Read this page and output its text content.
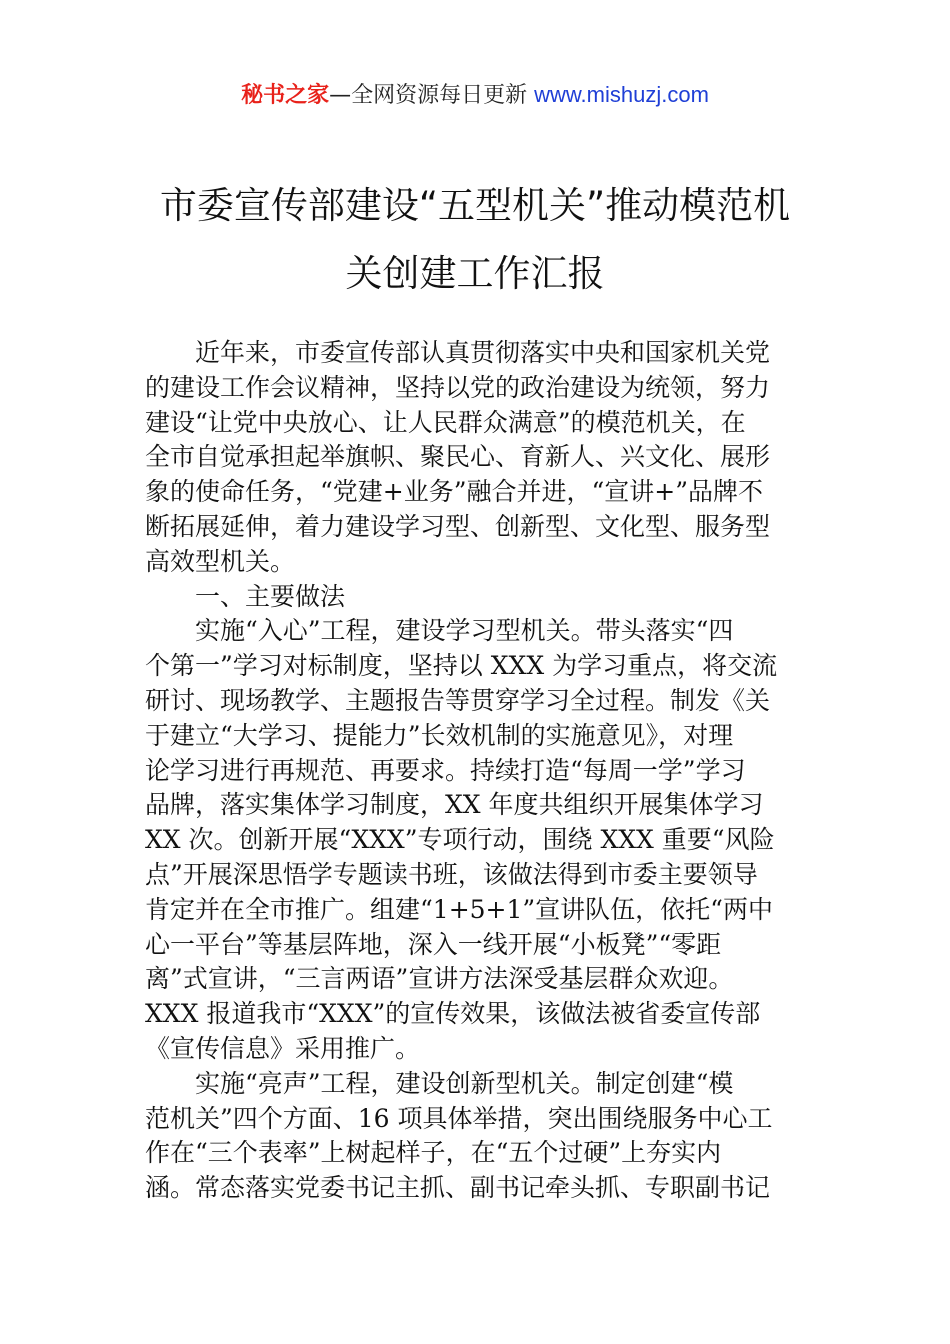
秘书之家—全网资源每日更新 www.mishuzj.com
市委宣传部建设“五型机关”推动模范机
关创建工作汇报
近年来，市委宣传部认真贯彻落实中央和国家机关党
的建设工作会议精神，坚持以党的政治建设为统领，努力
建设“让党中央放心、让人民群众满意”的模范机关，在
全市自觉承担起举旗帜、聚民心、育新人、兴文化、展形
象的使命任务，“党建+业务”融合并进，“宣讲+”品牌不
断拓展延伸，着力建设学习型、创新型、文化型、服务型
高效型机关。
一、主要做法
实施“入心”工程，建设学习型机关。带头落实“四
个第一”学习对标制度，坚持以 XXX 为学习重点，将交流
研讨、现场教学、主题报告等贯穿学习全过程。制发《关
于建立“大学习、提能力”长效机制的实施意见》，对理
论学习进行再规范、再要求。持续打造“每周一学”学习
品牌，落实集体学习制度，XX 年度共组织开展集体学习
XX 次。创新开展“XXX”专项行动，围绕 XXX 重要“风险
点”开展深思悟学专题读书班，该做法得到市委主要领导
肯定并在全市推广。组建“1+5+1”宣讲队伍，依托“两中
心一平台”等基层阵地，深入一线开展“小板凳”“零距
离”式宣讲，“三言两语”宣讲方法深受基层群众欢迎。
XXX 报道我市“XXX”的宣传效果，该做法被省委宣传部
《宣传信息》采用推广。
实施“亮声”工程，建设创新型机关。制定创建“模
范机关”四个方面、16 项具体举措，突出围绕服务中心工
作在“三个表率”上树起样子，在“五个过硬”上夯实内
涵。常态落实党委书记主抓、副书记牵头抓、专职副书记
